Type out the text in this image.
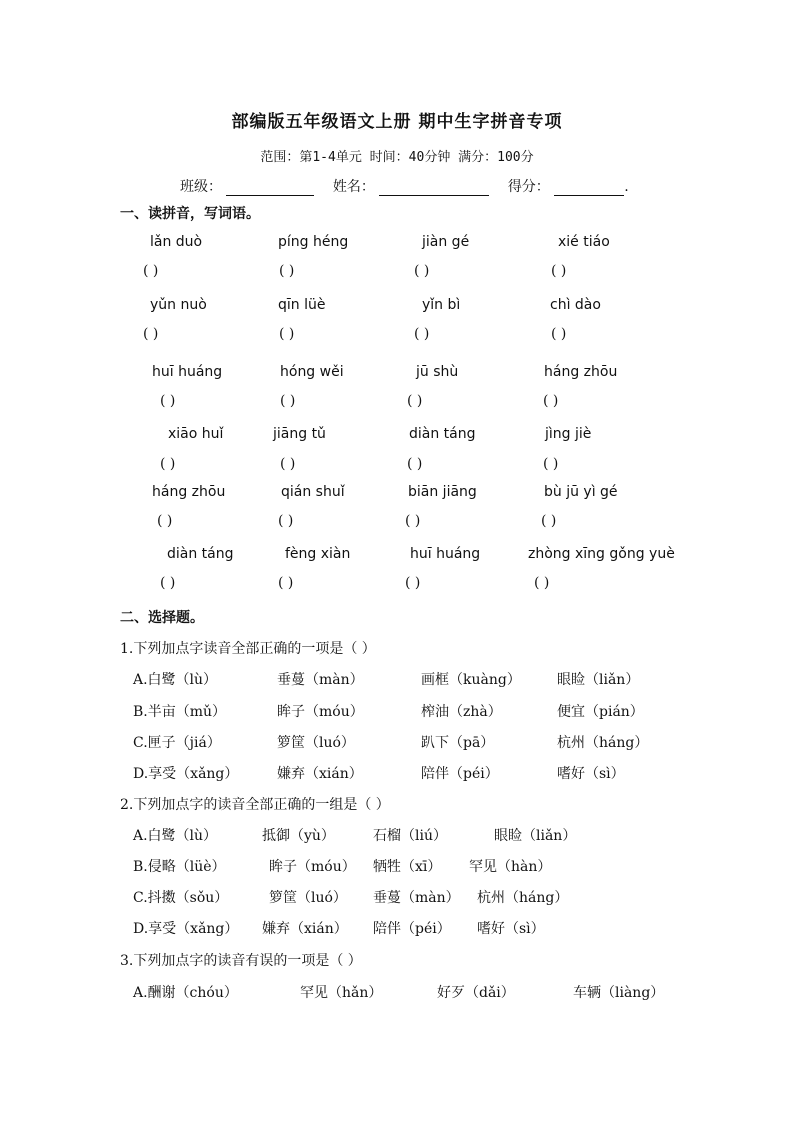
部编版五年级语文上册 期中生字拼音专项
范围：第1-4单元 时间：40分钟 满分：100分
班级：	姓名：	得分：	.
一、读拼音，写词语。
lǎn duò	píng héng	jiàn gé	xié tiáo
( )	( )	( )	( )
yǔn nuò	qīn lüè	yǐn bì	chì dào
( )	( )	( )	( )
huī huáng	hóng wěi	jū shù	háng zhōu
( )	( )	( )	( )
xiāo huǐ	jiāng tǔ	diàn táng	jìng jiè
( )	( )	( )	( )
háng zhōu	qián shuǐ	biān jiāng	bù jū yì gé
( )	( )	( )	( )
diàn táng	fèng xiàn	huī huáng	zhòng xīng gǒng yuè
( )	( )	( )	( )
二、选择题。
1.下列加点字读音全部正确的一项是（ ）
A.白鹭（lù）	垂蔓（màn）	画框（kuàng）	眼睑（liǎn）
B.半亩（mǔ）	眸子（móu）	榨油（zhà）	便宜（pián）
C.匣子（jiá）	箩筐（luó）	趴下（pā）	杭州（háng）
D.享受（xǎng）	嫌弃（xián）	陪伴（péi）	嗜好（sì）
2.下列加点字的读音全部正确的一组是（ ）
A.白鹭（lù）	抵御（yù）	石榴（liú）	眼睑（liǎn）
B.侵略（lüè）	眸子（móu） 牺牲（xī） 罕见（hàn）
C.抖擞（sǒu）	箩筐（luó） 垂蔓（màn） 杭州（háng）
D.享受（xǎng） 嫌弃（xián） 陪伴（péi） 嗜好（sì）
3.下列加点字的读音有误的一项是（ ）
A.酬谢（chóu）	罕见（hǎn）	好歹（dǎi）	车辆（liàng）
